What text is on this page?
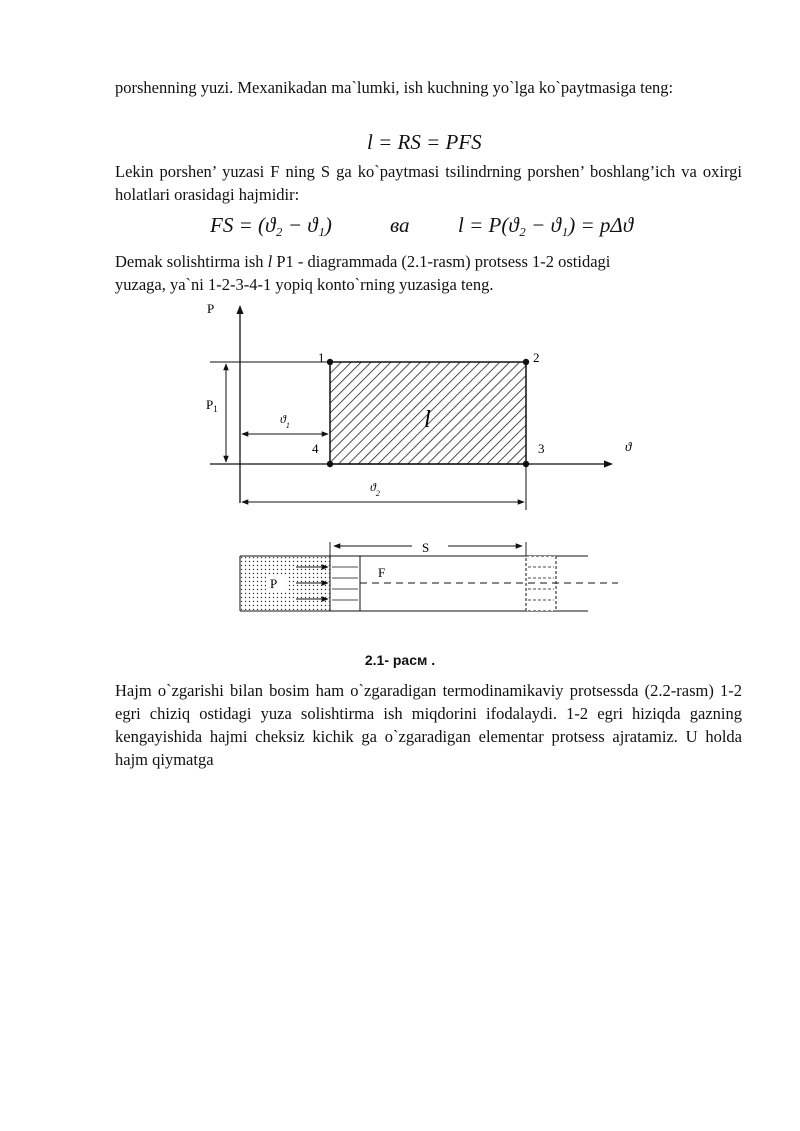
porshenning yuzi. Mexanikadan ma`lumki, ish kuchning yo`lga ko`paytmasiga teng:
l = RS = PFS
Lekin porshen’ yuzasi F ning S ga ko`paytmasi tsilindrning porshen’ boshlang’ich va oxirgi holatlari orasidagi hajmidir:
FS = (ϑ₂ − ϑ₁)	ва l = P(ϑ₂ − ϑ₁) = pΔϑ
Demak solishtirma ish l P1 - diagrammada (2.1-rasm) protsess 1-2 ostidagi
yuzaga, ya`ni 1-2-3-4-1 yopiq konto`rning yuzasiga teng.
l
P
ϑ
$P_1$
$ϑ_1$
$ϑ_2$
1	2
3
4
S
P
F
2.1- расм .
Hajm o`zgarishi bilan bosim ham o`zgaradigan termodinamikaviy protsessda (2.2-rasm) 1-2 egri chiziq ostidagi yuza solishtirma ish miqdorini ifodalaydi. 1-2 egri hiziqda gazning kengayishida hajmi cheksiz kichik ga o`zgaradigan elementar protsess ajratamiz. U holda hajm qiymatga
